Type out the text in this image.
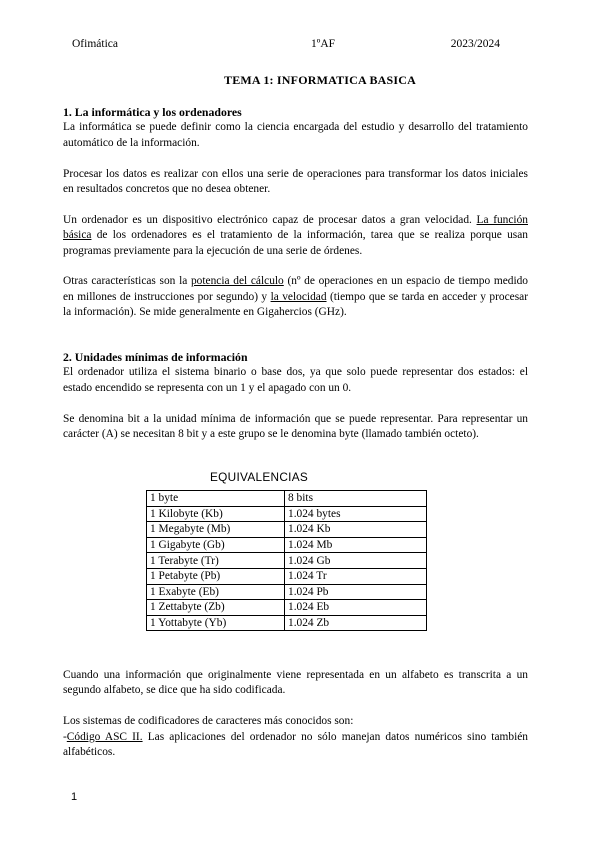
Ofimática	1ºAF	2023/2024
TEMA 1: INFORMATICA BASICA
1. La informática y los ordenadores

La informática se puede definir como la ciencia encargada del estudio y desarrollo del tratamiento automático de la información.

Procesar los datos es realizar con ellos una serie de operaciones para transformar los datos iniciales en resultados concretos que no desea obtener.

Un ordenador es un dispositivo electrónico capaz de procesar datos a gran velocidad. La función básica de los ordenadores es el tratamiento de la información, tarea que se realiza porque usan programas previamente para la ejecución de una serie de órdenes.

Otras características son la potencia del cálculo (nº de operaciones en un espacio de tiempo medido en millones de instrucciones por segundo) y la velocidad (tiempo que se tarda en acceder y procesar la información). Se mide generalmente en Gigahercios (GHz).

2. Unidades mínimas de información

El ordenador utiliza el sistema binario o base dos, ya que solo puede representar dos estados: el estado encendido se representa con un 1 y el apagado con un 0.

Se denomina bit a la unidad mínima de información que se puede representar. Para representar un carácter (A) se necesitan 8 bit y a este grupo se le denomina byte (llamado también octeto).

EQUIVALENCIAS
1 byte	8 bits
1 Kilobyte (Kb)	1.024 bytes
1 Megabyte (Mb)	1.024 Kb
1 Gigabyte (Gb)	1.024 Mb
1 Terabyte (Tr)	1.024 Gb
1 Petabyte (Pb)	1.024 Tr
1 Exabyte (Eb)	1.024 Pb
1 Zettabyte (Zb)	1.024 Eb
1 Yottabyte (Yb)	1.024 Zb

Cuando una información que originalmente viene representada en un alfabeto es transcrita a un segundo alfabeto, se dice que ha sido codificada.

Los sistemas de codificadores de caracteres más conocidos son:

-Código ASC II. Las aplicaciones del ordenador no sólo manejan datos numéricos sino también alfabéticos.

1
